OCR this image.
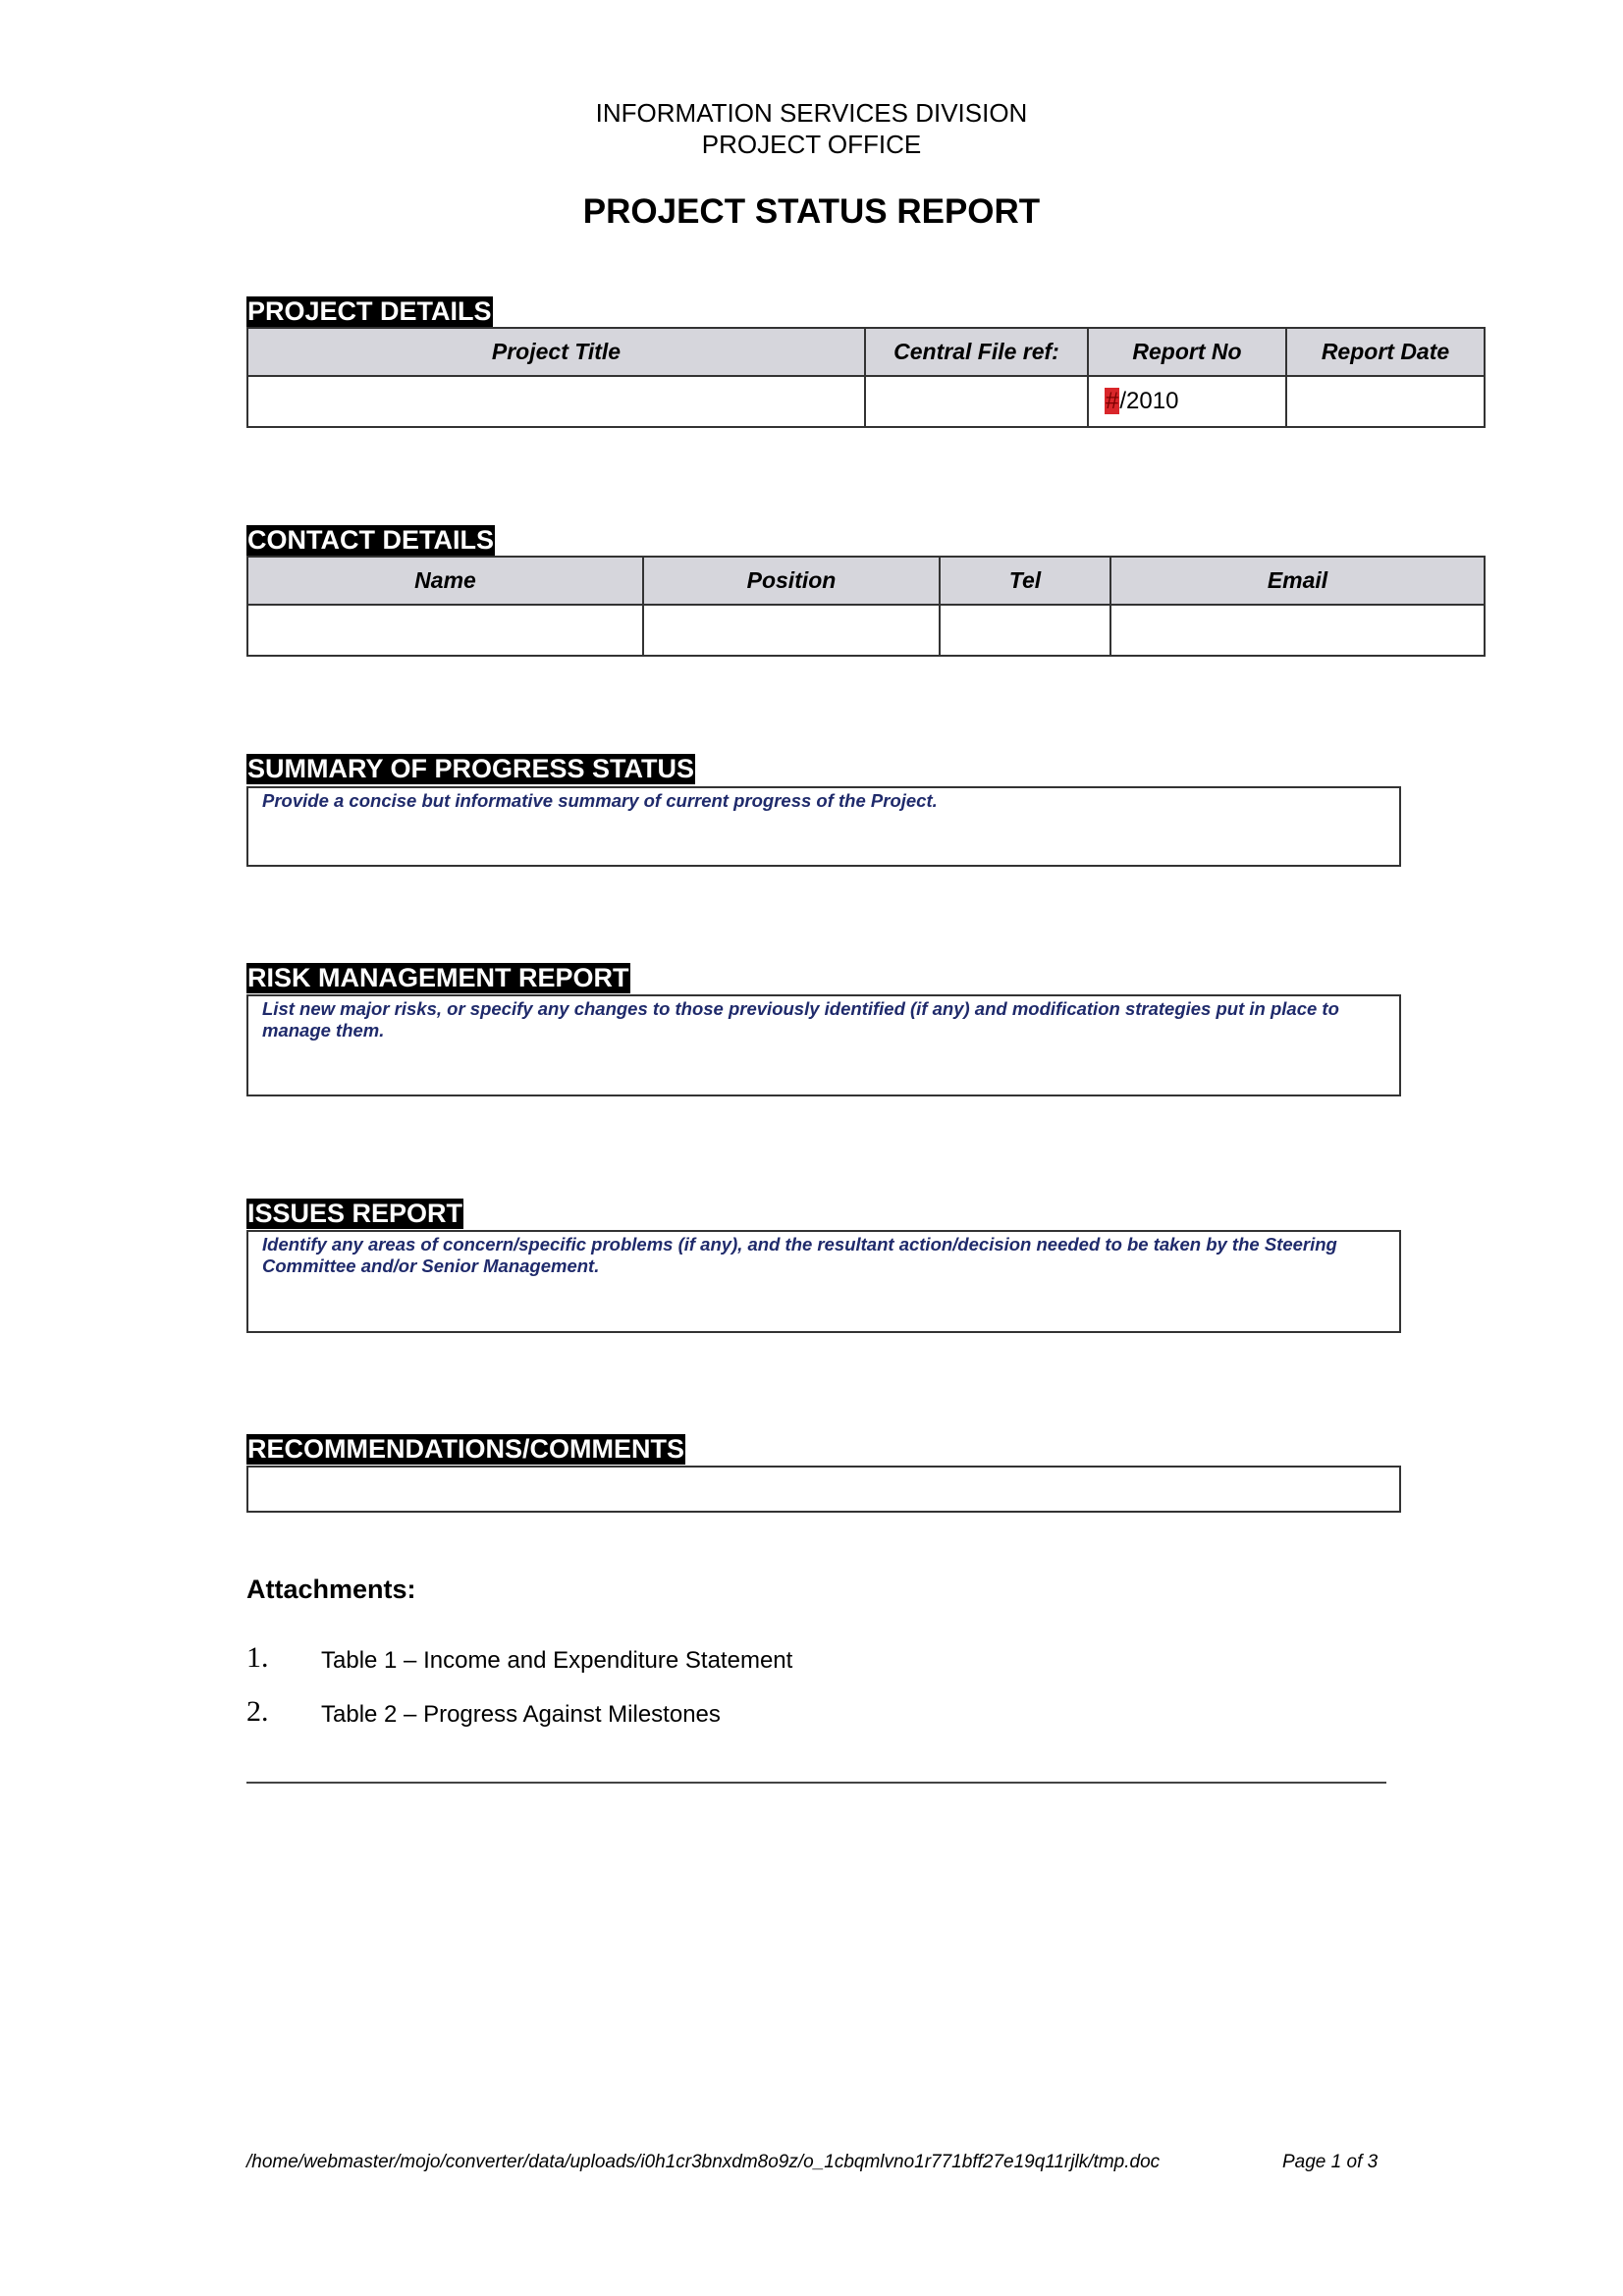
INFORMATION SERVICES DIVISION
PROJECT OFFICE
PROJECT STATUS REPORT
PROJECT DETAILS
Project Title	Central File ref:	Report No	Report Date
		#/2010	
CONTACT DETAILS
Name	Position	Tel	Email

SUMMARY OF PROGRESS STATUS
Provide a concise but informative summary of current progress of the Project.
RISK MANAGEMENT REPORT
List new major risks, or specify any changes to those previously identified (if any) and modification strategies put in place to manage them.
ISSUES REPORT
Identify any areas of concern/specific problems (if any), and the resultant action/decision needed to be taken by the Steering Committee and/or Senior Management.
RECOMMENDATIONS/COMMENTS
Attachments:
1. Table 1 – Income and Expenditure Statement
2. Table 2 – Progress Against Milestones
/home/webmaster/mojo/converter/data/uploads/i0h1cr3bnxdm8o9z/o_1cbqmlvno1r771bff27e19q11rjlk/tmp.doc	Page 1 of 3
